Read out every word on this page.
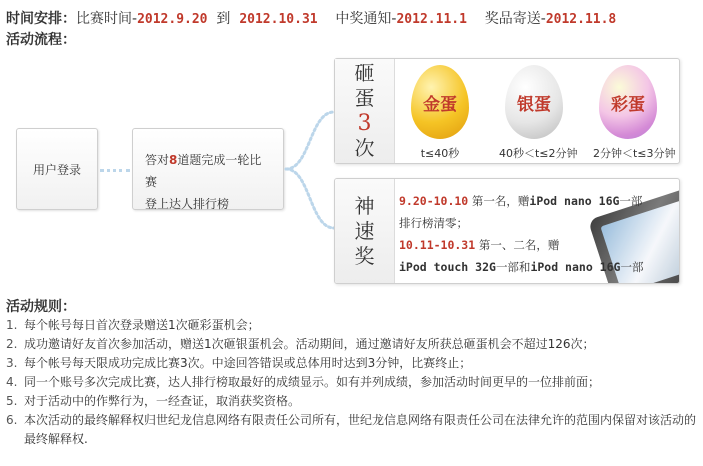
时间安排：比赛时间-2012.9.20 到 2012.10.31 中奖通知-2012.11.1 奖品寄送-2012.11.8
活动流程：
用户登录
答对8道题完成一轮比赛
登上达人排行榜
砸
蛋
3
次
金蛋
t≤40秒
银蛋
40秒＜t≤2分钟
彩蛋
2分钟＜t≤3分钟
神
速
奖
9.20-10.10 第一名，赠iPod nano 16G一部
排行榜清零；
10.11-10.31 第一、二名，赠
iPod touch 32G一部和iPod nano 16G一部
活动规则：
1. 每个帐号每日首次登录赠送1次砸彩蛋机会；
2. 成功邀请好友首次参加活动，赠送1次砸银蛋机会。活动期间，通过邀请好友所获总砸蛋机会不超过126次；
3. 每个帐号每天限成功完成比赛3次。中途回答错误或总体用时达到3分钟，比赛终止；
4. 同一个账号多次完成比赛，达人排行榜取最好的成绩显示。如有并列成绩，参加活动时间更早的一位排前面；
5. 对于活动中的作弊行为，一经查证，取消获奖资格。
6. 本次活动的最终解释权归世纪龙信息网络有限责任公司所有，世纪龙信息网络有限责任公司在法律允许的范围内保留对该活动的最终解释权.
